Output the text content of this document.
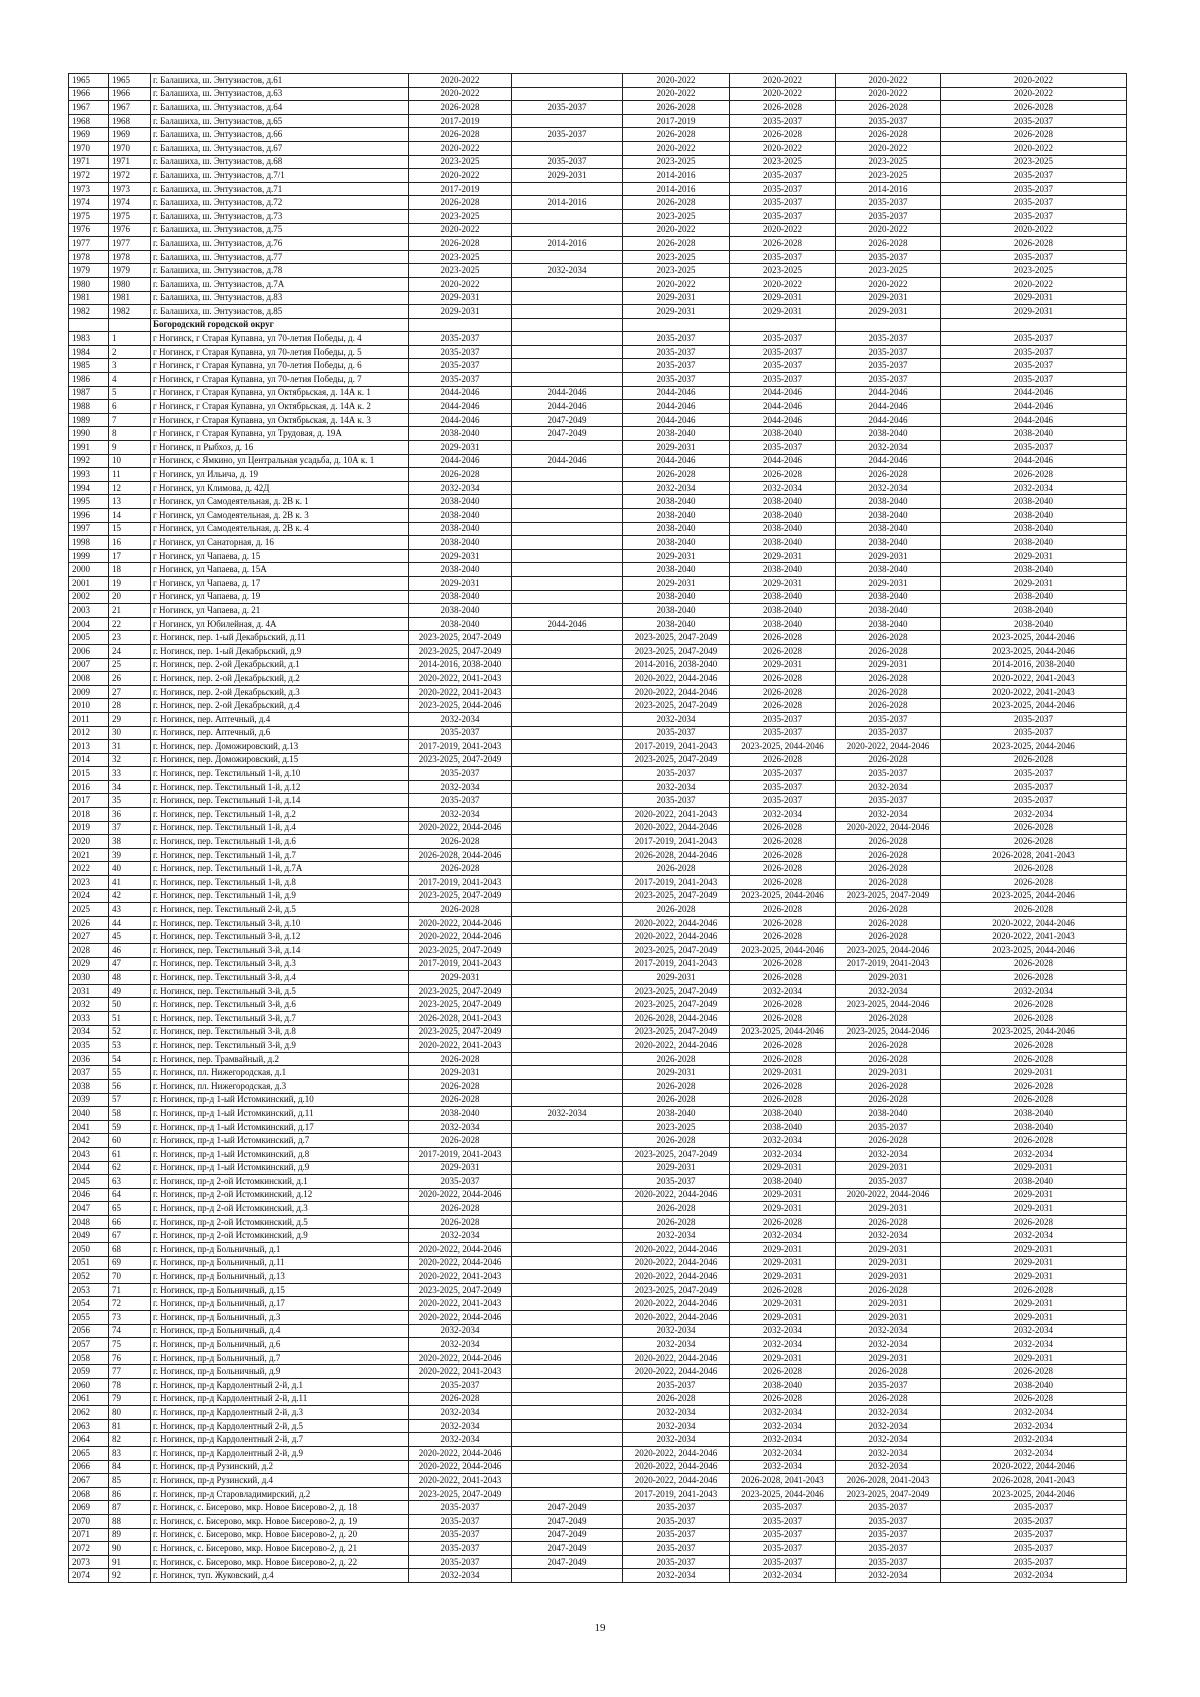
1965	1965	г. Балашиха, ш. Энтузиастов, д.61	2020-2022		2020-2022	2020-2022	2020-2022	2020-2022
1966	1966	г. Балашиха, ш. Энтузиастов, д.63	2020-2022		2020-2022	2020-2022	2020-2022	2020-2022
1967	1967	г. Балашиха, ш. Энтузиастов, д.64	2026-2028	2035-2037	2026-2028	2026-2028	2026-2028	2026-2028
1968	1968	г. Балашиха, ш. Энтузиастов, д.65	2017-2019		2017-2019	2035-2037	2035-2037	2035-2037
1969	1969	г. Балашиха, ш. Энтузиастов, д.66	2026-2028	2035-2037	2026-2028	2026-2028	2026-2028	2026-2028
1970	1970	г. Балашиха, ш. Энтузиастов, д.67	2020-2022		2020-2022	2020-2022	2020-2022	2020-2022
1971	1971	г. Балашиха, ш. Энтузиастов, д.68	2023-2025	2035-2037	2023-2025	2023-2025	2023-2025	2023-2025
1972	1972	г. Балашиха, ш. Энтузиастов, д.7/1	2020-2022	2029-2031	2014-2016	2035-2037	2023-2025	2035-2037
1973	1973	г. Балашиха, ш. Энтузиастов, д.71	2017-2019		2014-2016	2035-2037	2014-2016	2035-2037
1974	1974	г. Балашиха, ш. Энтузиастов, д.72	2026-2028	2014-2016	2026-2028	2035-2037	2035-2037	2035-2037
1975	1975	г. Балашиха, ш. Энтузиастов, д.73	2023-2025		2023-2025	2035-2037	2035-2037	2035-2037
1976	1976	г. Балашиха, ш. Энтузиастов, д.75	2020-2022		2020-2022	2020-2022	2020-2022	2020-2022
1977	1977	г. Балашиха, ш. Энтузиастов, д.76	2026-2028	2014-2016	2026-2028	2026-2028	2026-2028	2026-2028
1978	1978	г. Балашиха, ш. Энтузиастов, д.77	2023-2025		2023-2025	2035-2037	2035-2037	2035-2037
1979	1979	г. Балашиха, ш. Энтузиастов, д.78	2023-2025	2032-2034	2023-2025	2023-2025	2023-2025	2023-2025
1980	1980	г. Балашиха, ш. Энтузиастов, д.7А	2020-2022		2020-2022	2020-2022	2020-2022	2020-2022
1981	1981	г. Балашиха, ш. Энтузиастов, д.83	2029-2031		2029-2031	2029-2031	2029-2031	2029-2031
1982	1982	г. Балашиха, ш. Энтузиастов, д.85	2029-2031		2029-2031	2029-2031	2029-2031	2029-2031
		Богородский городской округ						
1983	1	г Ногинск, г Старая Купавна, ул 70-летия Победы, д. 4	2035-2037		2035-2037	2035-2037	2035-2037	2035-2037
1984	2	г Ногинск, г Старая Купавна, ул 70-летия Победы, д. 5	2035-2037		2035-2037	2035-2037	2035-2037	2035-2037
1985	3	г Ногинск, г Старая Купавна, ул 70-летия Победы, д. 6	2035-2037		2035-2037	2035-2037	2035-2037	2035-2037
1986	4	г Ногинск, г Старая Купавна, ул 70-летия Победы, д. 7	2035-2037		2035-2037	2035-2037	2035-2037	2035-2037
1987	5	г Ногинск, г Старая Купавна, ул Октябрьская, д. 14А к. 1	2044-2046	2044-2046	2044-2046	2044-2046	2044-2046	2044-2046
1988	6	г Ногинск, г Старая Купавна, ул Октябрьская, д. 14А к. 2	2044-2046	2044-2046	2044-2046	2044-2046	2044-2046	2044-2046
1989	7	г Ногинск, г Старая Купавна, ул Октябрьская, д. 14А к. 3	2044-2046	2047-2049	2044-2046	2044-2046	2044-2046	2044-2046
1990	8	г Ногинск, г Старая Купавна, ул Трудовая, д. 19А	2038-2040	2047-2049	2038-2040	2038-2040	2038-2040	2038-2040
1991	9	г Ногинск, п Рыбхоз, д. 16	2029-2031		2029-2031	2035-2037	2032-2034	2035-2037
1992	10	г Ногинск, с Ямкино, ул Центральная усадьба, д. 10А к. 1	2044-2046	2044-2046	2044-2046	2044-2046	2044-2046	2044-2046
1993	11	г Ногинск, ул Ильича, д. 19	2026-2028		2026-2028	2026-2028	2026-2028	2026-2028
1994	12	г Ногинск, ул Климова, д. 42Д	2032-2034		2032-2034	2032-2034	2032-2034	2032-2034
1995	13	г Ногинск, ул Самодеятельная, д. 2В к. 1	2038-2040		2038-2040	2038-2040	2038-2040	2038-2040
1996	14	г Ногинск, ул Самодеятельная, д. 2В к. 3	2038-2040		2038-2040	2038-2040	2038-2040	2038-2040
1997	15	г Ногинск, ул Самодеятельная, д. 2В к. 4	2038-2040		2038-2040	2038-2040	2038-2040	2038-2040
1998	16	г Ногинск, ул Санаторная, д. 16	2038-2040		2038-2040	2038-2040	2038-2040	2038-2040
1999	17	г Ногинск, ул Чапаева, д. 15	2029-2031		2029-2031	2029-2031	2029-2031	2029-2031
2000	18	г Ногинск, ул Чапаева, д. 15А	2038-2040		2038-2040	2038-2040	2038-2040	2038-2040
2001	19	г Ногинск, ул Чапаева, д. 17	2029-2031		2029-2031	2029-2031	2029-2031	2029-2031
2002	20	г Ногинск, ул Чапаева, д. 19	2038-2040		2038-2040	2038-2040	2038-2040	2038-2040
2003	21	г Ногинск, ул Чапаева, д. 21	2038-2040		2038-2040	2038-2040	2038-2040	2038-2040
2004	22	г Ногинск, ул Юбилейная, д. 4А	2038-2040	2044-2046	2038-2040	2038-2040	2038-2040	2038-2040
2005	23	г. Ногинск, пер. 1-ый Декабрьский, д.11	2023-2025, 2047-2049		2023-2025, 2047-2049	2026-2028	2026-2028	2023-2025, 2044-2046
2006	24	г. Ногинск, пер. 1-ый Декабрьский, д.9	2023-2025, 2047-2049		2023-2025, 2047-2049	2026-2028	2026-2028	2023-2025, 2044-2046
2007	25	г. Ногинск, пер. 2-ой Декабрьский, д.1	2014-2016, 2038-2040		2014-2016, 2038-2040	2029-2031	2029-2031	2014-2016, 2038-2040
2008	26	г. Ногинск, пер. 2-ой Декабрьский, д.2	2020-2022, 2041-2043		2020-2022, 2044-2046	2026-2028	2026-2028	2020-2022, 2041-2043
2009	27	г. Ногинск, пер. 2-ой Декабрьский, д.3	2020-2022, 2041-2043		2020-2022, 2044-2046	2026-2028	2026-2028	2020-2022, 2041-2043
2010	28	г. Ногинск, пер. 2-ой Декабрьский, д.4	2023-2025, 2044-2046		2023-2025, 2047-2049	2026-2028	2026-2028	2023-2025, 2044-2046
2011	29	г. Ногинск, пер. Аптечный, д.4	2032-2034		2032-2034	2035-2037	2035-2037	2035-2037
2012	30	г. Ногинск, пер. Аптечный, д.6	2035-2037		2035-2037	2035-2037	2035-2037	2035-2037
2013	31	г. Ногинск, пер. Доможировский, д.13	2017-2019, 2041-2043		2017-2019, 2041-2043	2023-2025, 2044-2046	2020-2022, 2044-2046	2023-2025, 2044-2046
2014	32	г. Ногинск, пер. Доможировский, д.15	2023-2025, 2047-2049		2023-2025, 2047-2049	2026-2028	2026-2028	2026-2028
2015	33	г. Ногинск, пер. Текстильный 1-й, д.10	2035-2037		2035-2037	2035-2037	2035-2037	2035-2037
2016	34	г. Ногинск, пер. Текстильный 1-й, д.12	2032-2034		2032-2034	2035-2037	2032-2034	2035-2037
2017	35	г. Ногинск, пер. Текстильный 1-й, д.14	2035-2037		2035-2037	2035-2037	2035-2037	2035-2037
2018	36	г. Ногинск, пер. Текстильный 1-й, д.2	2032-2034		2020-2022, 2041-2043	2032-2034	2032-2034	2032-2034
2019	37	г. Ногинск, пер. Текстильный 1-й, д.4	2020-2022, 2044-2046		2020-2022, 2044-2046	2026-2028	2020-2022, 2044-2046	2026-2028
2020	38	г. Ногинск, пер. Текстильный 1-й, д.6	2026-2028		2017-2019, 2041-2043	2026-2028	2026-2028	2026-2028
2021	39	г. Ногинск, пер. Текстильный 1-й, д.7	2026-2028, 2044-2046		2026-2028, 2044-2046	2026-2028	2026-2028	2026-2028, 2041-2043
2022	40	г. Ногинск, пер. Текстильный 1-й, д.7А	2026-2028		2026-2028	2026-2028	2026-2028	2026-2028
2023	41	г. Ногинск, пер. Текстильный 1-й, д.8	2017-2019, 2041-2043		2017-2019, 2041-2043	2026-2028	2026-2028	2026-2028
2024	42	г. Ногинск, пер. Текстильный 1-й, д.9	2023-2025, 2047-2049		2023-2025, 2047-2049	2023-2025, 2044-2046	2023-2025, 2047-2049	2023-2025, 2044-2046
2025	43	г. Ногинск, пер. Текстильный 2-й, д.5	2026-2028		2026-2028	2026-2028	2026-2028	2026-2028
2026	44	г. Ногинск, пер. Текстильный 3-й, д.10	2020-2022, 2044-2046		2020-2022, 2044-2046	2026-2028	2026-2028	2020-2022, 2044-2046
2027	45	г. Ногинск, пер. Текстильный 3-й, д.12	2020-2022, 2044-2046		2020-2022, 2044-2046	2026-2028	2026-2028	2020-2022, 2041-2043
2028	46	г. Ногинск, пер. Текстильный 3-й, д.14	2023-2025, 2047-2049		2023-2025, 2047-2049	2023-2025, 2044-2046	2023-2025, 2044-2046	2023-2025, 2044-2046
2029	47	г. Ногинск, пер. Текстильный 3-й, д.3	2017-2019, 2041-2043		2017-2019, 2041-2043	2026-2028	2017-2019, 2041-2043	2026-2028
2030	48	г. Ногинск, пер. Текстильный 3-й, д.4	2029-2031		2029-2031	2026-2028	2029-2031	2026-2028
2031	49	г. Ногинск, пер. Текстильный 3-й, д.5	2023-2025, 2047-2049		2023-2025, 2047-2049	2032-2034	2032-2034	2032-2034
2032	50	г. Ногинск, пер. Текстильный 3-й, д.6	2023-2025, 2047-2049		2023-2025, 2047-2049	2026-2028	2023-2025, 2044-2046	2026-2028
2033	51	г. Ногинск, пер. Текстильный 3-й, д.7	2026-2028, 2041-2043		2026-2028, 2044-2046	2026-2028	2026-2028	2026-2028
2034	52	г. Ногинск, пер. Текстильный 3-й, д.8	2023-2025, 2047-2049		2023-2025, 2047-2049	2023-2025, 2044-2046	2023-2025, 2044-2046	2023-2025, 2044-2046
2035	53	г. Ногинск, пер. Текстильный 3-й, д.9	2020-2022, 2041-2043		2020-2022, 2044-2046	2026-2028	2026-2028	2026-2028
2036	54	г. Ногинск, пер. Трамвайный, д.2	2026-2028		2026-2028	2026-2028	2026-2028	2026-2028
2037	55	г. Ногинск, пл. Нижегородская, д.1	2029-2031		2029-2031	2029-2031	2029-2031	2029-2031
2038	56	г. Ногинск, пл. Нижегородская, д.3	2026-2028		2026-2028	2026-2028	2026-2028	2026-2028
2039	57	г. Ногинск, пр-д 1-ый Истомкинский, д.10	2026-2028		2026-2028	2026-2028	2026-2028	2026-2028
2040	58	г. Ногинск, пр-д 1-ый Истомкинский, д.11	2038-2040	2032-2034	2038-2040	2038-2040	2038-2040	2038-2040
2041	59	г. Ногинск, пр-д 1-ый Истомкинский, д.17	2032-2034		2023-2025	2038-2040	2035-2037	2038-2040
2042	60	г. Ногинск, пр-д 1-ый Истомкинский, д.7	2026-2028		2026-2028	2032-2034	2026-2028	2026-2028
2043	61	г. Ногинск, пр-д 1-ый Истомкинский, д.8	2017-2019, 2041-2043		2023-2025, 2047-2049	2032-2034	2032-2034	2032-2034
2044	62	г. Ногинск, пр-д 1-ый Истомкинский, д.9	2029-2031		2029-2031	2029-2031	2029-2031	2029-2031
2045	63	г. Ногинск, пр-д 2-ой Истомкинский, д.1	2035-2037		2035-2037	2038-2040	2035-2037	2038-2040
2046	64	г. Ногинск, пр-д 2-ой Истомкинский, д.12	2020-2022, 2044-2046		2020-2022, 2044-2046	2029-2031	2020-2022, 2044-2046	2029-2031
2047	65	г. Ногинск, пр-д 2-ой Истомкинский, д.3	2026-2028		2026-2028	2029-2031	2029-2031	2029-2031
2048	66	г. Ногинск, пр-д 2-ой Истомкинский, д.5	2026-2028		2026-2028	2026-2028	2026-2028	2026-2028
2049	67	г. Ногинск, пр-д 2-ой Истомкинский, д.9	2032-2034		2032-2034	2032-2034	2032-2034	2032-2034
2050	68	г. Ногинск, пр-д Больничный, д.1	2020-2022, 2044-2046		2020-2022, 2044-2046	2029-2031	2029-2031	2029-2031
2051	69	г. Ногинск, пр-д Больничный, д.11	2020-2022, 2044-2046		2020-2022, 2044-2046	2029-2031	2029-2031	2029-2031
2052	70	г. Ногинск, пр-д Больничный, д.13	2020-2022, 2041-2043		2020-2022, 2044-2046	2029-2031	2029-2031	2029-2031
2053	71	г. Ногинск, пр-д Больничный, д.15	2023-2025, 2047-2049		2023-2025, 2047-2049	2026-2028	2026-2028	2026-2028
2054	72	г. Ногинск, пр-д Больничный, д.17	2020-2022, 2041-2043		2020-2022, 2044-2046	2029-2031	2029-2031	2029-2031
2055	73	г. Ногинск, пр-д Больничный, д.3	2020-2022, 2044-2046		2020-2022, 2044-2046	2029-2031	2029-2031	2029-2031
2056	74	г. Ногинск, пр-д Больничный, д.4	2032-2034		2032-2034	2032-2034	2032-2034	2032-2034
2057	75	г. Ногинск, пр-д Больничный, д.6	2032-2034		2032-2034	2032-2034	2032-2034	2032-2034
2058	76	г. Ногинск, пр-д Больничный, д.7	2020-2022, 2044-2046		2020-2022, 2044-2046	2029-2031	2029-2031	2029-2031
2059	77	г. Ногинск, пр-д Больничный, д.9	2020-2022, 2041-2043		2020-2022, 2044-2046	2026-2028	2026-2028	2026-2028
2060	78	г. Ногинск, пр-д Кардолентный 2-й, д.1	2035-2037		2035-2037	2038-2040	2035-2037	2038-2040
2061	79	г. Ногинск, пр-д Кардолентный 2-й, д.11	2026-2028		2026-2028	2026-2028	2026-2028	2026-2028
2062	80	г. Ногинск, пр-д Кардолентный 2-й, д.3	2032-2034		2032-2034	2032-2034	2032-2034	2032-2034
2063	81	г. Ногинск, пр-д Кардолентный 2-й, д.5	2032-2034		2032-2034	2032-2034	2032-2034	2032-2034
2064	82	г. Ногинск, пр-д Кардолентный 2-й, д.7	2032-2034		2032-2034	2032-2034	2032-2034	2032-2034
2065	83	г. Ногинск, пр-д Кардолентный 2-й, д.9	2020-2022, 2044-2046		2020-2022, 2044-2046	2032-2034	2032-2034	2032-2034
2066	84	г. Ногинск, пр-д Рузинский, д.2	2020-2022, 2044-2046		2020-2022, 2044-2046	2032-2034	2032-2034	2020-2022, 2044-2046
2067	85	г. Ногинск, пр-д Рузинский, д.4	2020-2022, 2041-2043		2020-2022, 2044-2046	2026-2028, 2041-2043	2026-2028, 2041-2043	2026-2028, 2041-2043
2068	86	г. Ногинск, пр-д Старовладимирский, д.2	2023-2025, 2047-2049		2017-2019, 2041-2043	2023-2025, 2044-2046	2023-2025, 2047-2049	2023-2025, 2044-2046
2069	87	г. Ногинск, с. Бисерово, мкр. Новое Бисерово-2, д. 18	2035-2037	2047-2049	2035-2037	2035-2037	2035-2037	2035-2037
2070	88	г. Ногинск, с. Бисерово, мкр. Новое Бисерово-2, д. 19	2035-2037	2047-2049	2035-2037	2035-2037	2035-2037	2035-2037
2071	89	г. Ногинск, с. Бисерово, мкр. Новое Бисерово-2, д. 20	2035-2037	2047-2049	2035-2037	2035-2037	2035-2037	2035-2037
2072	90	г. Ногинск, с. Бисерово, мкр. Новое Бисерово-2, д. 21	2035-2037	2047-2049	2035-2037	2035-2037	2035-2037	2035-2037
2073	91	г. Ногинск, с. Бисерово, мкр. Новое Бисерово-2, д. 22	2035-2037	2047-2049	2035-2037	2035-2037	2035-2037	2035-2037
2074	92	г. Ногинск, туп. Жуковский, д.4	2032-2034		2032-2034	2032-2034	2032-2034	2032-2034
19
